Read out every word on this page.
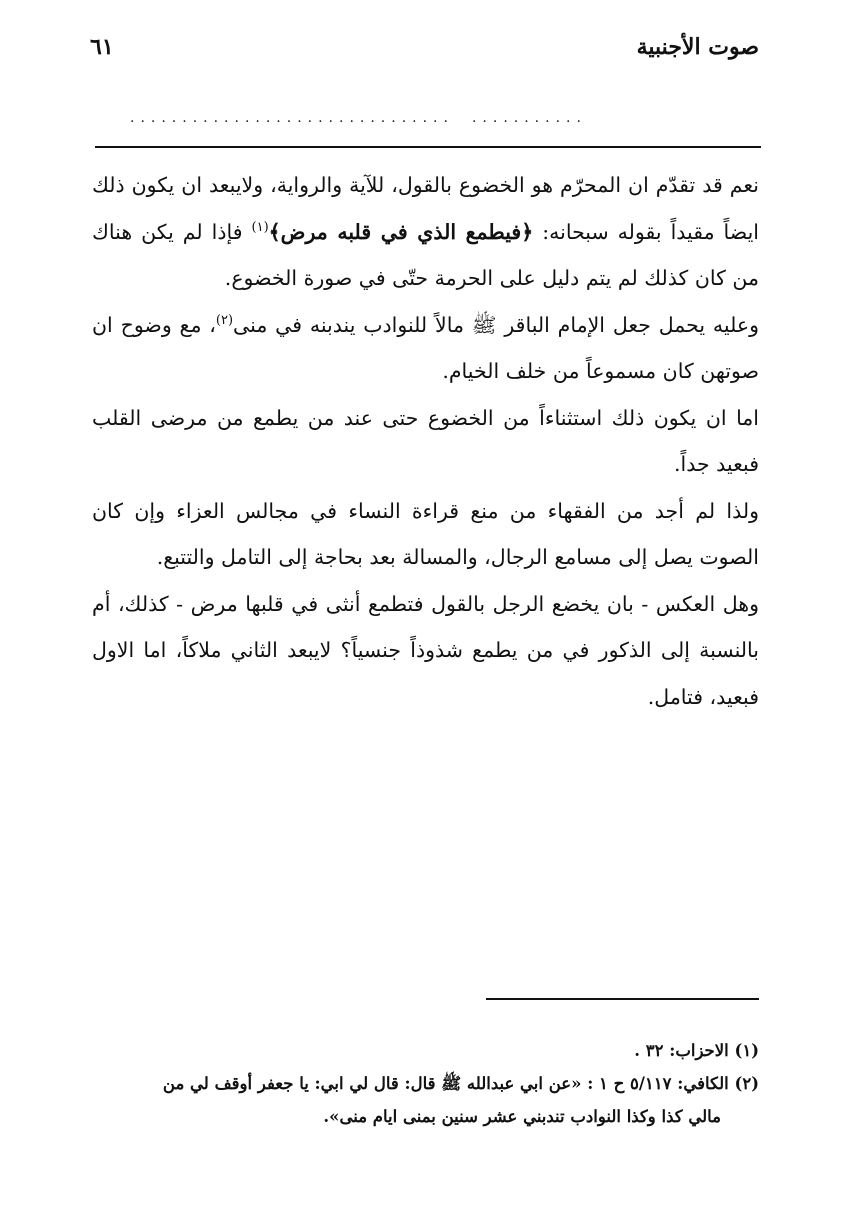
صوت الأجنبية
٦١
............................... ...........

نعم قد تقدّم ان المحرّم هو الخضوع بالقول، للآية والرواية، ولايبعد ان يكون ذلك ايضاً مقيداً بقوله سبحانه: ﴿فيطمع الذي في قلبه مرض﴾$^{(١)}$ فإذا لم يكن هناك من كان كذلك لم يتم دليل على الحرمة حتّى في صورة الخضوع.

وعليه يحمل جعل الإمام الباقر ﷺ مالاً للنوادب يندبنه في منى$^{(٢)}$، مع وضوح ان صوتهن كان مسموعاً من خلف الخيام.

اما ان يكون ذلك استثناءاً من الخضوع حتى عند من يطمع من مرضى القلب فبعيد جداً.

ولذا لم أجد من الفقهاء من منع قراءة النساء في مجالس العزاء وإن كان الصوت يصل إلى مسامع الرجال، والمسالة بعد بحاجة إلى التامل والتتبع.

وهل العكس - بان يخضع الرجل بالقول فتطمع أنثى في قلبها مرض - كذلك، أم بالنسبة إلى الذكور في من يطمع شذوذاً جنسياً؟ لايبعد الثاني ملاكاً، اما الاول فبعيد، فتامل.

(١) الاحزاب: ٣٢ .

(٢) الكافي: ٥/١١٧ ح ١ : «عن ابي عبدالله ﷺ قال: قال لي ابي: يا جعفر أوقف لي من

مالي كذا وكذا النوادب تندبني عشر سنين بمنى ايام منى».
